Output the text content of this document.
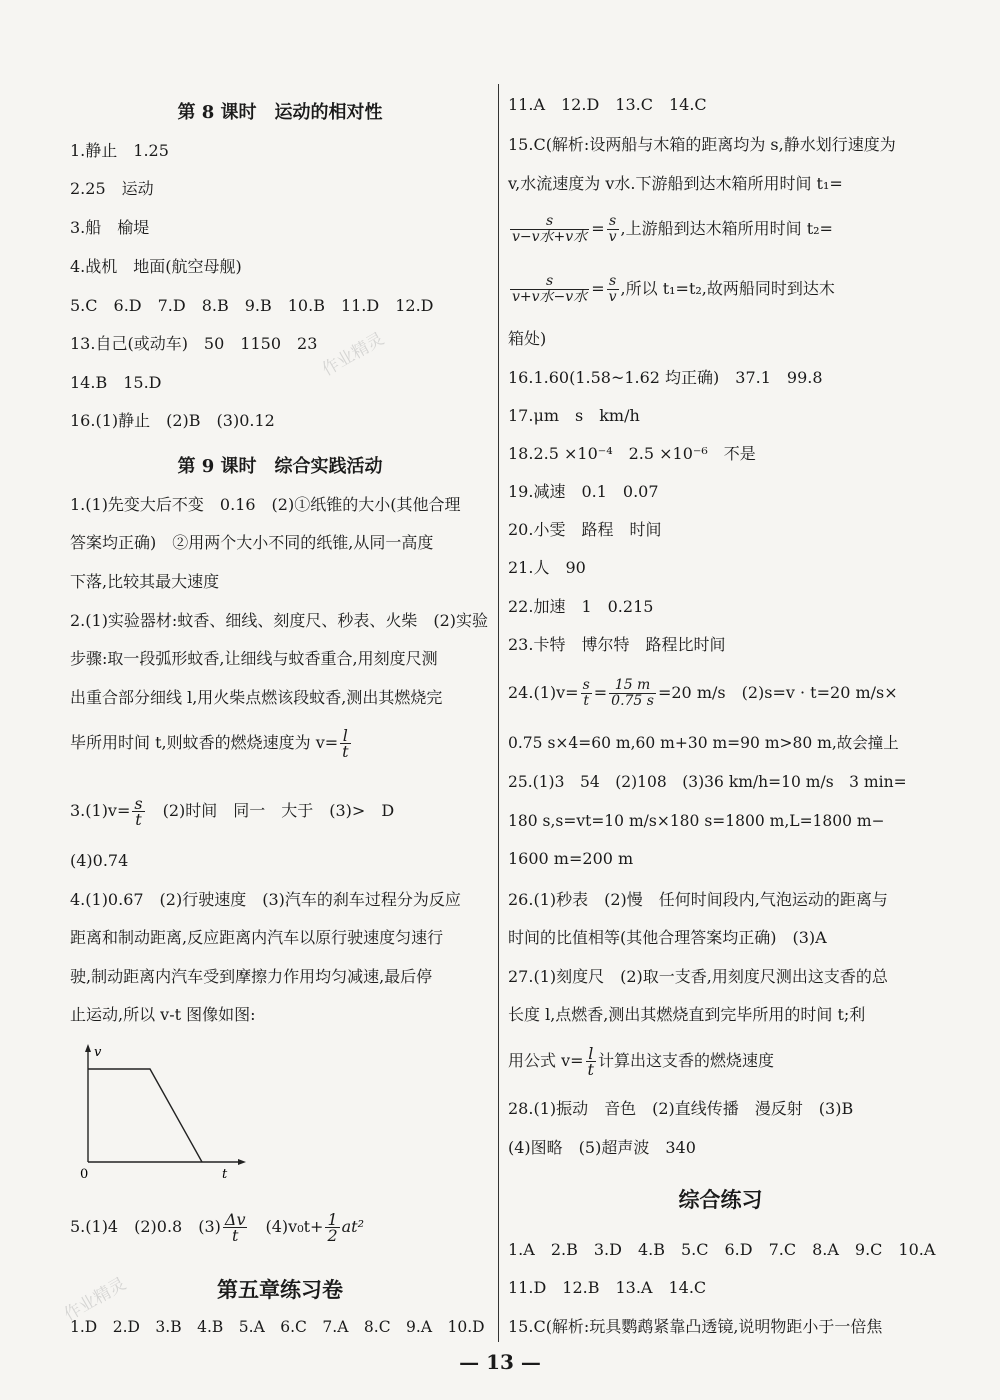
第 8 课时　运动的相对性
1.静止　1.25
2.25　运动
3.船　榆堤
4.战机　地面(航空母舰)
5.C　6.D　7.D　8.B　9.B　10.B　11.D　12.D
13.自己(或动车)　50　1150　23
14.B　15.D
16.(1)静止　(2)B　(3)0.12
第 9 课时　综合实践活动
1.(1)先变大后不变　0.16　(2)①纸锥的大小(其他合理
答案均正确)　②用两个大小不同的纸锥,从同一高度
下落,比较其最大速度
2.(1)实验器材:蚊香、细线、刻度尺、秒表、火柴　(2)实验
步骤:取一段弧形蚊香,让细线与蚊香重合,用刻度尺测
出重合部分细线 l,用火柴点燃该段蚊香,测出其燃烧完
毕所用时间 t,则蚊香的燃烧速度为 $v= \frac{l}{t}$
$3.(1)v= \frac{s}{t}$ 　(2)时间　同一　大于　(3)>　D
(4)0.74
4.(1)0.67　(2)行驶速度　(3)汽车的刹车过程分为反应
距离和制动距离,反应距离内汽车以原行驶速度匀速行
驶,制动距离内汽车受到摩擦力作用均匀减速,最后停
止运动,所以 v-t 图像如图:
v
0	t
5.(1)4　(2)0.8　$(3) \frac{\Delta v}{t}$ 　$(4)v_0t+ \frac{1}{2} at^2$
第五章练习卷
1.D　2.D　3.B　4.B　5.A　6.C　7.A　8.C　9.A　10.D
11.A　12.D　13.C　14.C
15.C(解析:设两船与木箱的距离均为 s,静水划行速度为
v,水流速度为 v水.下游船到达木箱所用时间 t₁=
$\frac{s}{\text{v−v水+v水}} = \frac{s}{v}$ ,上游船到达木箱所用时间 t₂=
$\frac{s}{\text{v+v水−v水}} = \frac{s}{v}$ ,所以 t₁=t₂,故两船同时到达木
箱处)
16.1.60(1.58~1.62 均正确)　37.1　99.8
17.μm　s　km/h
18.2.5 ×10⁻⁴　2.5 ×10⁻⁶　不是
19.减速　0.1　0.07
20.小雯　路程　时间
21.人　90
22.加速　1　0.215
23.卡特　博尔特　路程比时间
$24.(1)v= \frac{s}{t} = \frac{15 m}{0.75 s} =20$ m/s　(2)s=v · t=20 m/s×
0.75 s×4=60 m,60 m+30 m=90 m>80 m,故会撞上
25.(1)3　54　(2)108　(3)36 km/h=10 m/s　3 min=
180 s,s=vt=10 m/s×180 s=1800 m,L=1800 m−
1600 m=200 m
26.(1)秒表　(2)慢　任何时间段内,气泡运动的距离与
时间的比值相等(其他合理答案均正确)　(3)A
27.(1)刻度尺　(2)取一支香,用刻度尺测出这支香的总
长度 l,点燃香,测出其燃烧直到完毕所用的时间 t;利
用公式 $v= \frac{l}{t}$ 计算出这支香的燃烧速度
28.(1)振动　音色　(2)直线传播　漫反射　(3)B
(4)图略　(5)超声波　340
综合练习
1.A　2.B　3.D　4.B　5.C　6.D　7.C　8.A　9.C　10.A
11.D　12.B　13.A　14.C
15.C(解析:玩具鹦鹉紧靠凸透镜,说明物距小于一倍焦
— 13 —
作业精灵
作业精灵
